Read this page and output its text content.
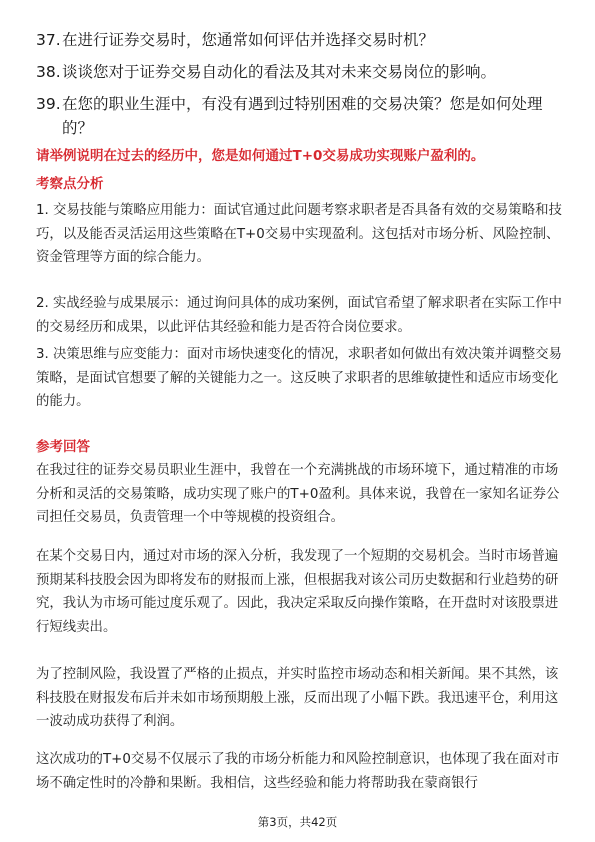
37. 在进行证券交易时，您通常如何评估并选择交易时机？
38. 谈谈您对于证券交易自动化的看法及其对未来交易岗位的影响。
39. 在您的职业生涯中，有没有遇到过特别困难的交易决策？您是如何处理的？
请举例说明在过去的经历中，您是如何通过T+0交易成功实现账户盈利的。
考察点分析
1. 交易技能与策略应用能力：面试官通过此问题考察求职者是否具备有效的交易策略和技巧，以及能否灵活运用这些策略在T+0交易中实现盈利。这包括对市场分析、风险控制、资金管理等方面的综合能力。
2. 实战经验与成果展示：通过询问具体的成功案例，面试官希望了解求职者在实际工作中的交易经历和成果，以此评估其经验和能力是否符合岗位要求。
3. 决策思维与应变能力：面对市场快速变化的情况，求职者如何做出有效决策并调整交易策略，是面试官想要了解的关键能力之一。这反映了求职者的思维敏捷性和适应市场变化的能力。
参考回答
在我过往的证券交易员职业生涯中，我曾在一个充满挑战的市场环境下，通过精准的市场分析和灵活的交易策略，成功实现了账户的T+0盈利。具体来说，我曾在一家知名证券公司担任交易员，负责管理一个中等规模的投资组合。
在某个交易日内，通过对市场的深入分析，我发现了一个短期的交易机会。当时市场普遍预期某科技股会因为即将发布的财报而上涨，但根据我对该公司历史数据和行业趋势的研究，我认为市场可能过度乐观了。因此，我决定采取反向操作策略，在开盘时对该股票进行短线卖出。
为了控制风险，我设置了严格的止损点，并实时监控市场动态和相关新闻。果不其然，该科技股在财报发布后并未如市场预期般上涨，反而出现了小幅下跌。我迅速平仓，利用这一波动成功获得了利润。
这次成功的T+0交易不仅展示了我的市场分析能力和风险控制意识，也体现了我在面对市场不确定性时的冷静和果断。我相信，这些经验和能力将帮助我在蒙商银行
第3页，共42页
